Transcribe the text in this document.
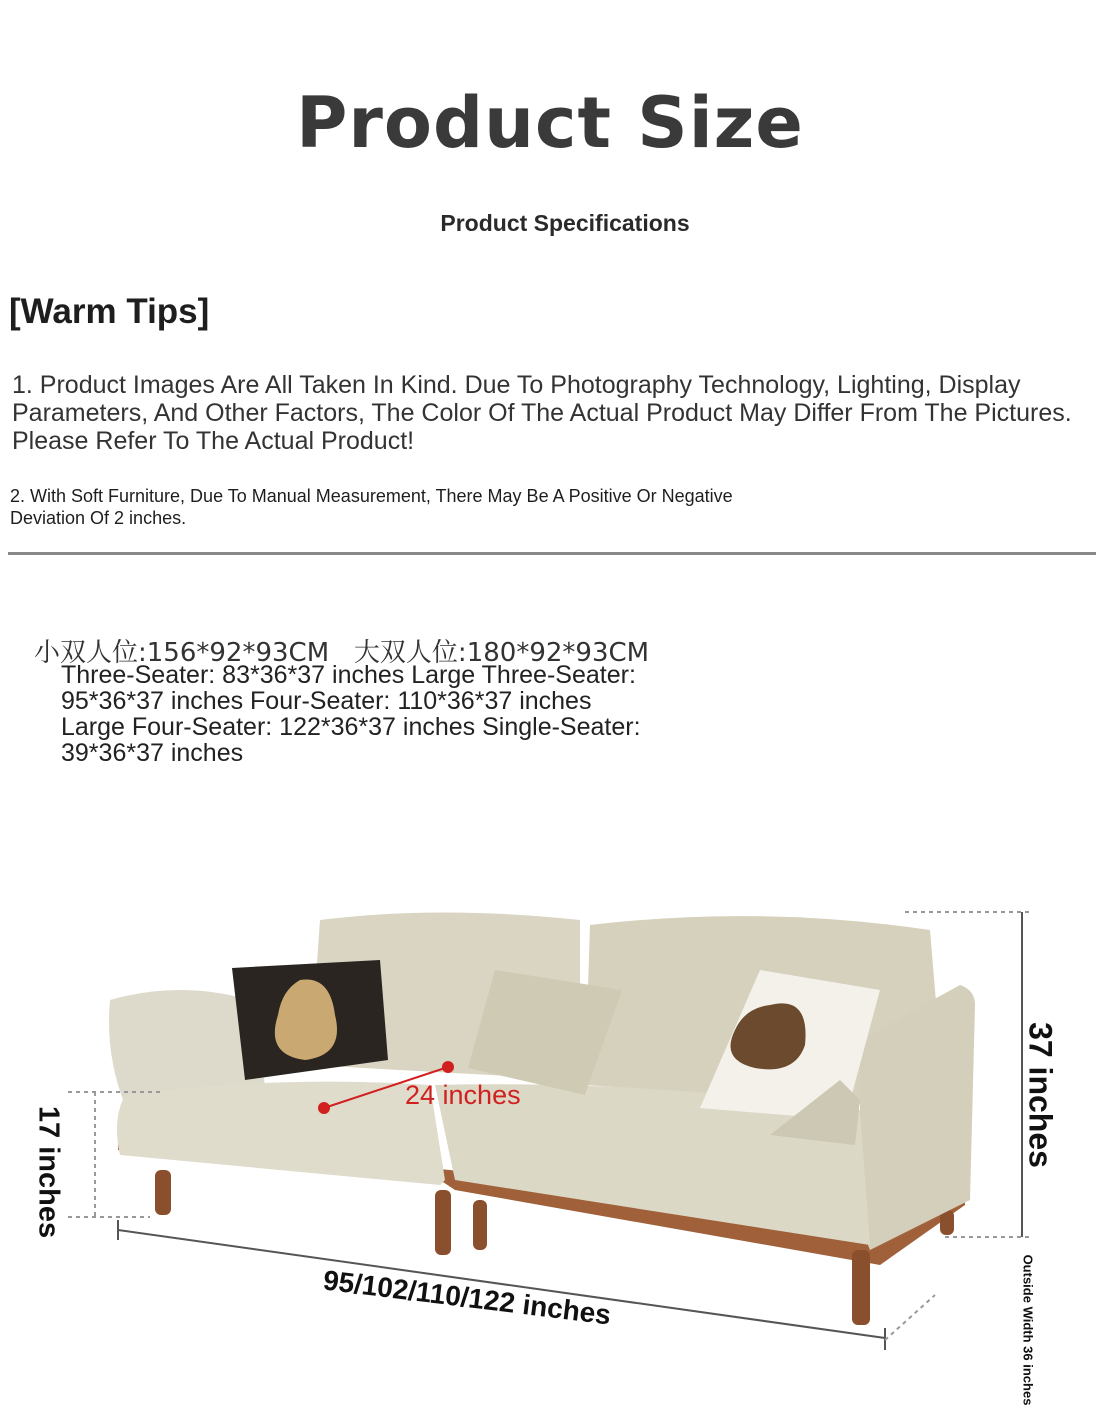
Product Size
Product Specifications
[Warm Tips]
1. Product Images Are All Taken In Kind. Due To Photography Technology, Lighting, Display Parameters, And Other Factors, The Color Of The Actual Product May Differ From The Pictures. Please Refer To The Actual Product!
2. With Soft Furniture, Due To Manual Measurement, There May Be A Positive Or Negative Deviation Of 2 inches.
小双人位:156*92*93CM   大双人位:180*92*93CM
Three-Seater: 83*36*37 inches Large Three-Seater: 95*36*37 inches Four-Seater: 110*36*37 inches Large Four-Seater: 122*36*37 inches Single-Seater: 39*36*37 inches
17 inches
37 inches
24 inches
95/102/110/122 inches	Outside Width 36 inches
